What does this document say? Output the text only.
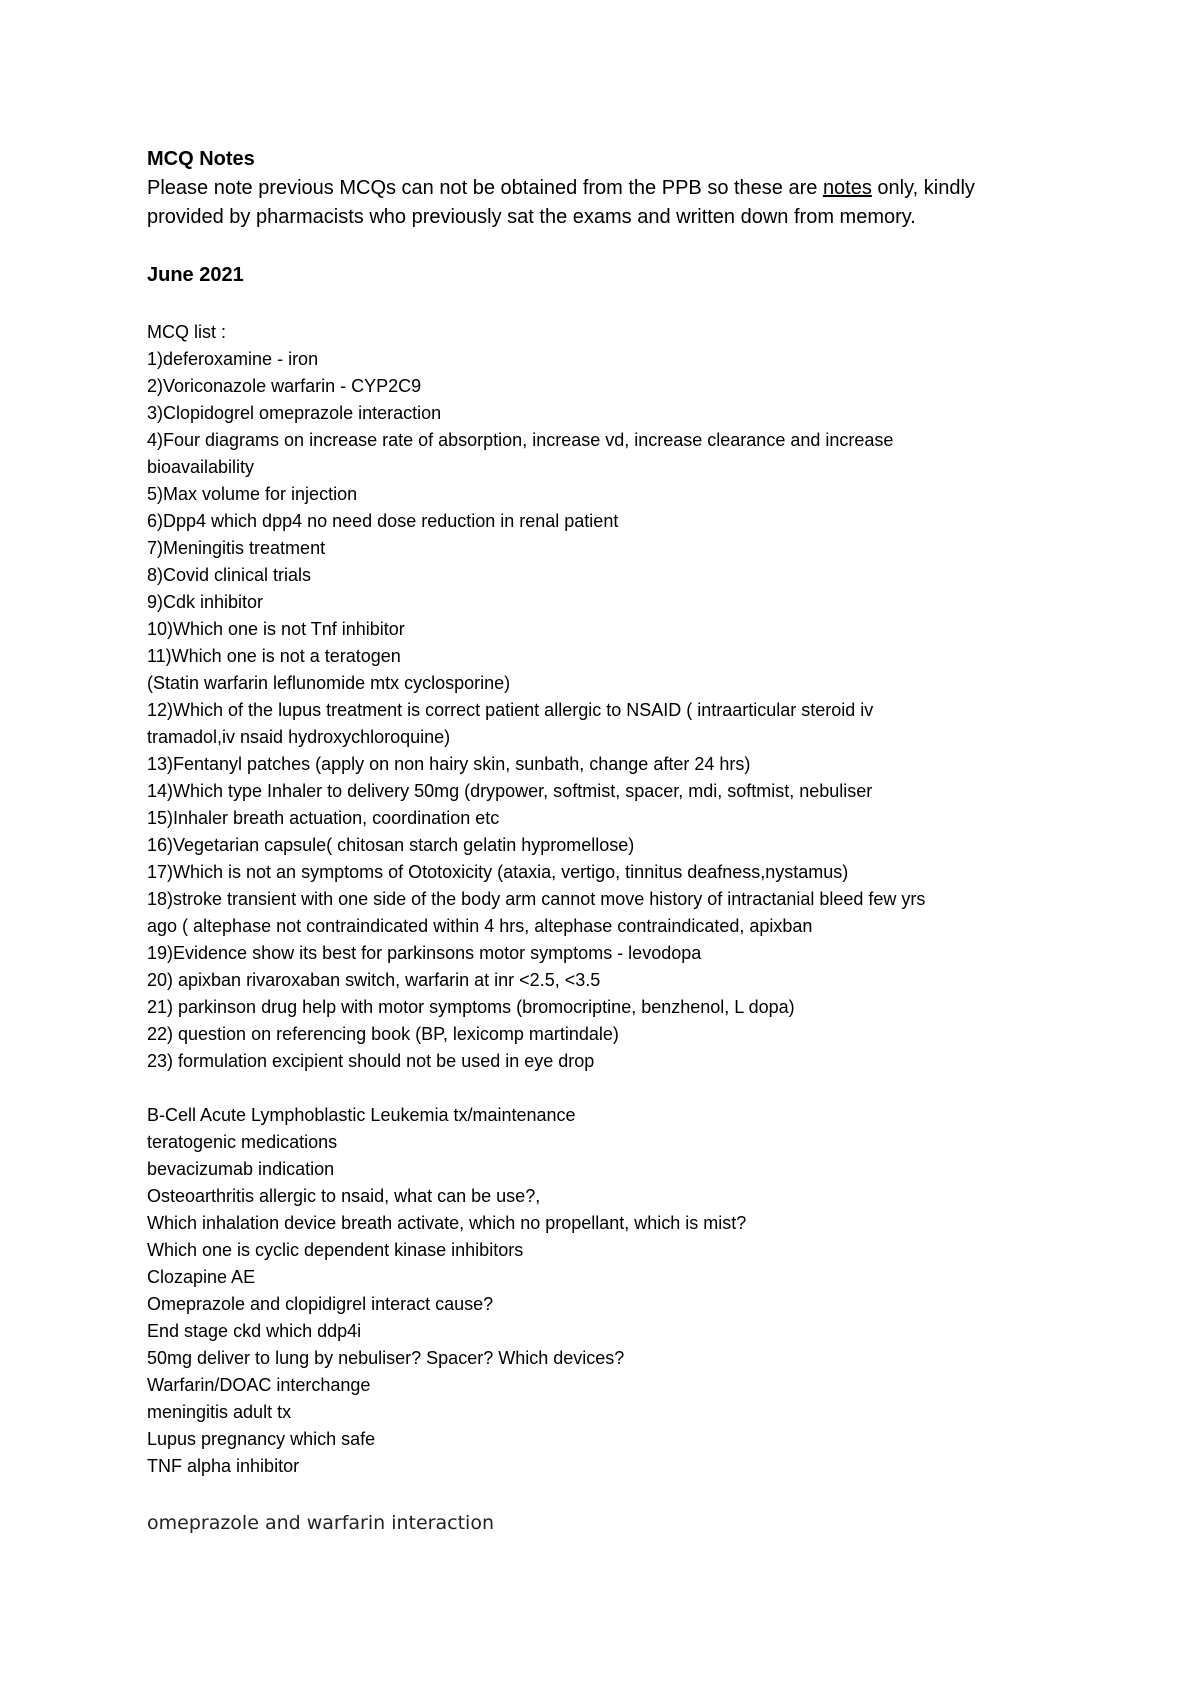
MCQ Notes

Please note previous MCQs can not be obtained from the PPB so these are notes only, kindly provided by pharmacists who previously sat the exams and written down from memory.

June 2021

MCQ list :
1)deferoxamine - iron
2)Voriconazole warfarin - CYP2C9
3)Clopidogrel omeprazole interaction
4)Four diagrams on increase rate of absorption, increase vd, increase clearance and increase
bioavailability
5)Max volume for injection
6)Dpp4 which dpp4 no need dose reduction in renal patient
7)Meningitis treatment
8)Covid clinical trials
9)Cdk inhibitor
10)Which one is not Tnf inhibitor
11)Which one is not a teratogen
(Statin warfarin leflunomide mtx cyclosporine)
12)Which of the lupus treatment is correct patient allergic to NSAID ( intraarticular steroid iv
tramadol,iv nsaid hydroxychloroquine)
13)Fentanyl patches (apply on non hairy skin, sunbath, change after 24 hrs)
14)Which type Inhaler to delivery 50mg (drypower, softmist, spacer, mdi, softmist, nebuliser
15)Inhaler breath actuation, coordination etc
16)Vegetarian capsule( chitosan starch gelatin hypromellose)
17)Which is not an symptoms of Ototoxicity (ataxia, vertigo, tinnitus deafness,nystamus)
18)stroke transient with one side of the body arm cannot move history of intractanial bleed few yrs
ago ( altephase not contraindicated within 4 hrs, altephase contraindicated, apixban
19)Evidence show its best for parkinsons motor symptoms - levodopa
20) apixban rivaroxaban switch, warfarin at inr <2.5, <3.5
21) parkinson drug help with motor symptoms (bromocriptine, benzhenol, L dopa)
22) question on referencing book (BP, lexicomp martindale)
23) formulation excipient should not be used in eye drop
B-Cell Acute Lymphoblastic Leukemia tx/maintenance
teratogenic medications
bevacizumab indication
Osteoarthritis allergic to nsaid, what can be use?,
Which inhalation device breath activate, which no propellant, which is mist?
Which one is cyclic dependent kinase inhibitors
Clozapine AE
Omeprazole and clopidigrel interact cause?
End stage ckd which ddp4i
50mg deliver to lung by nebuliser? Spacer? Which devices?
Warfarin/DOAC interchange
meningitis adult tx
Lupus pregnancy which safe
TNF alpha inhibitor

omeprazole and warfarin interaction
